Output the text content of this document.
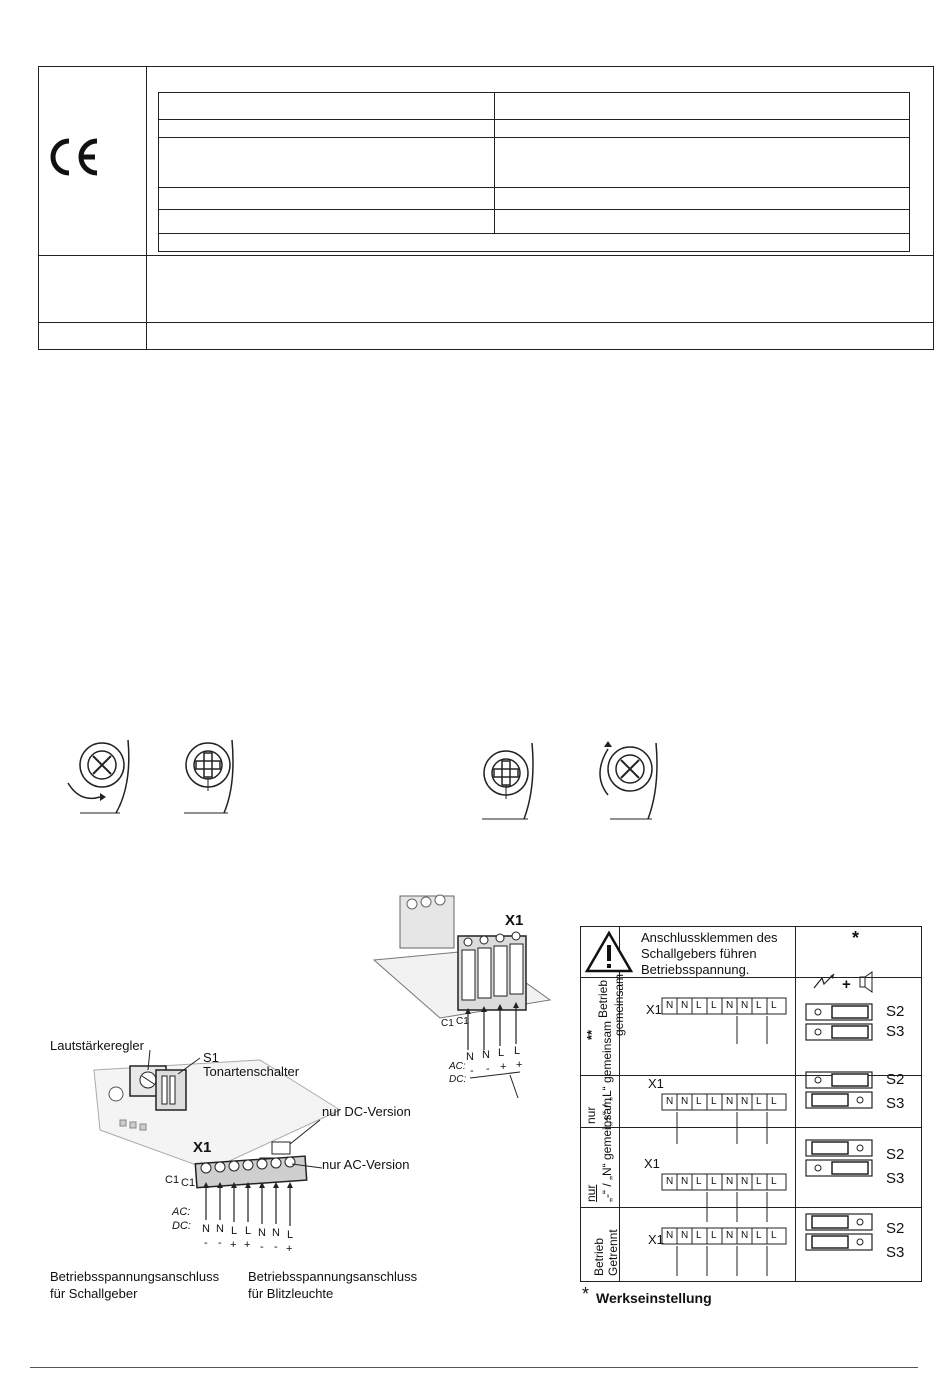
N N L L
- - + +
X1
C1 C1
AC:
DC:
N N L L N N L
- - + + - - +
Lautstärkeregler
S1
Tonartenschalter
nur DC-Version
X1
nur AC-Version
C1 C1
AC:
DC:
Betriebsspannungsanschluss
für Schallgeber
Betriebsspannungsanschluss
für Blitzleuchte
Anschlussklemmen des
Schallgebers führen
Betriebsspannung.
*
+
Betrieb gemeinsam
**
nur „+“ / „L“ gemeinsam
nur „-“ / „N“ gemeinsam
Betrieb Getrennt
N N L L N N L L
N N L L N N L L
N N L L N N L L
N N L L N N L L
X1
X1
X1
X1
S2
S3
S2
S3
S2
S3
S2
S3
* Werkseinstellung
